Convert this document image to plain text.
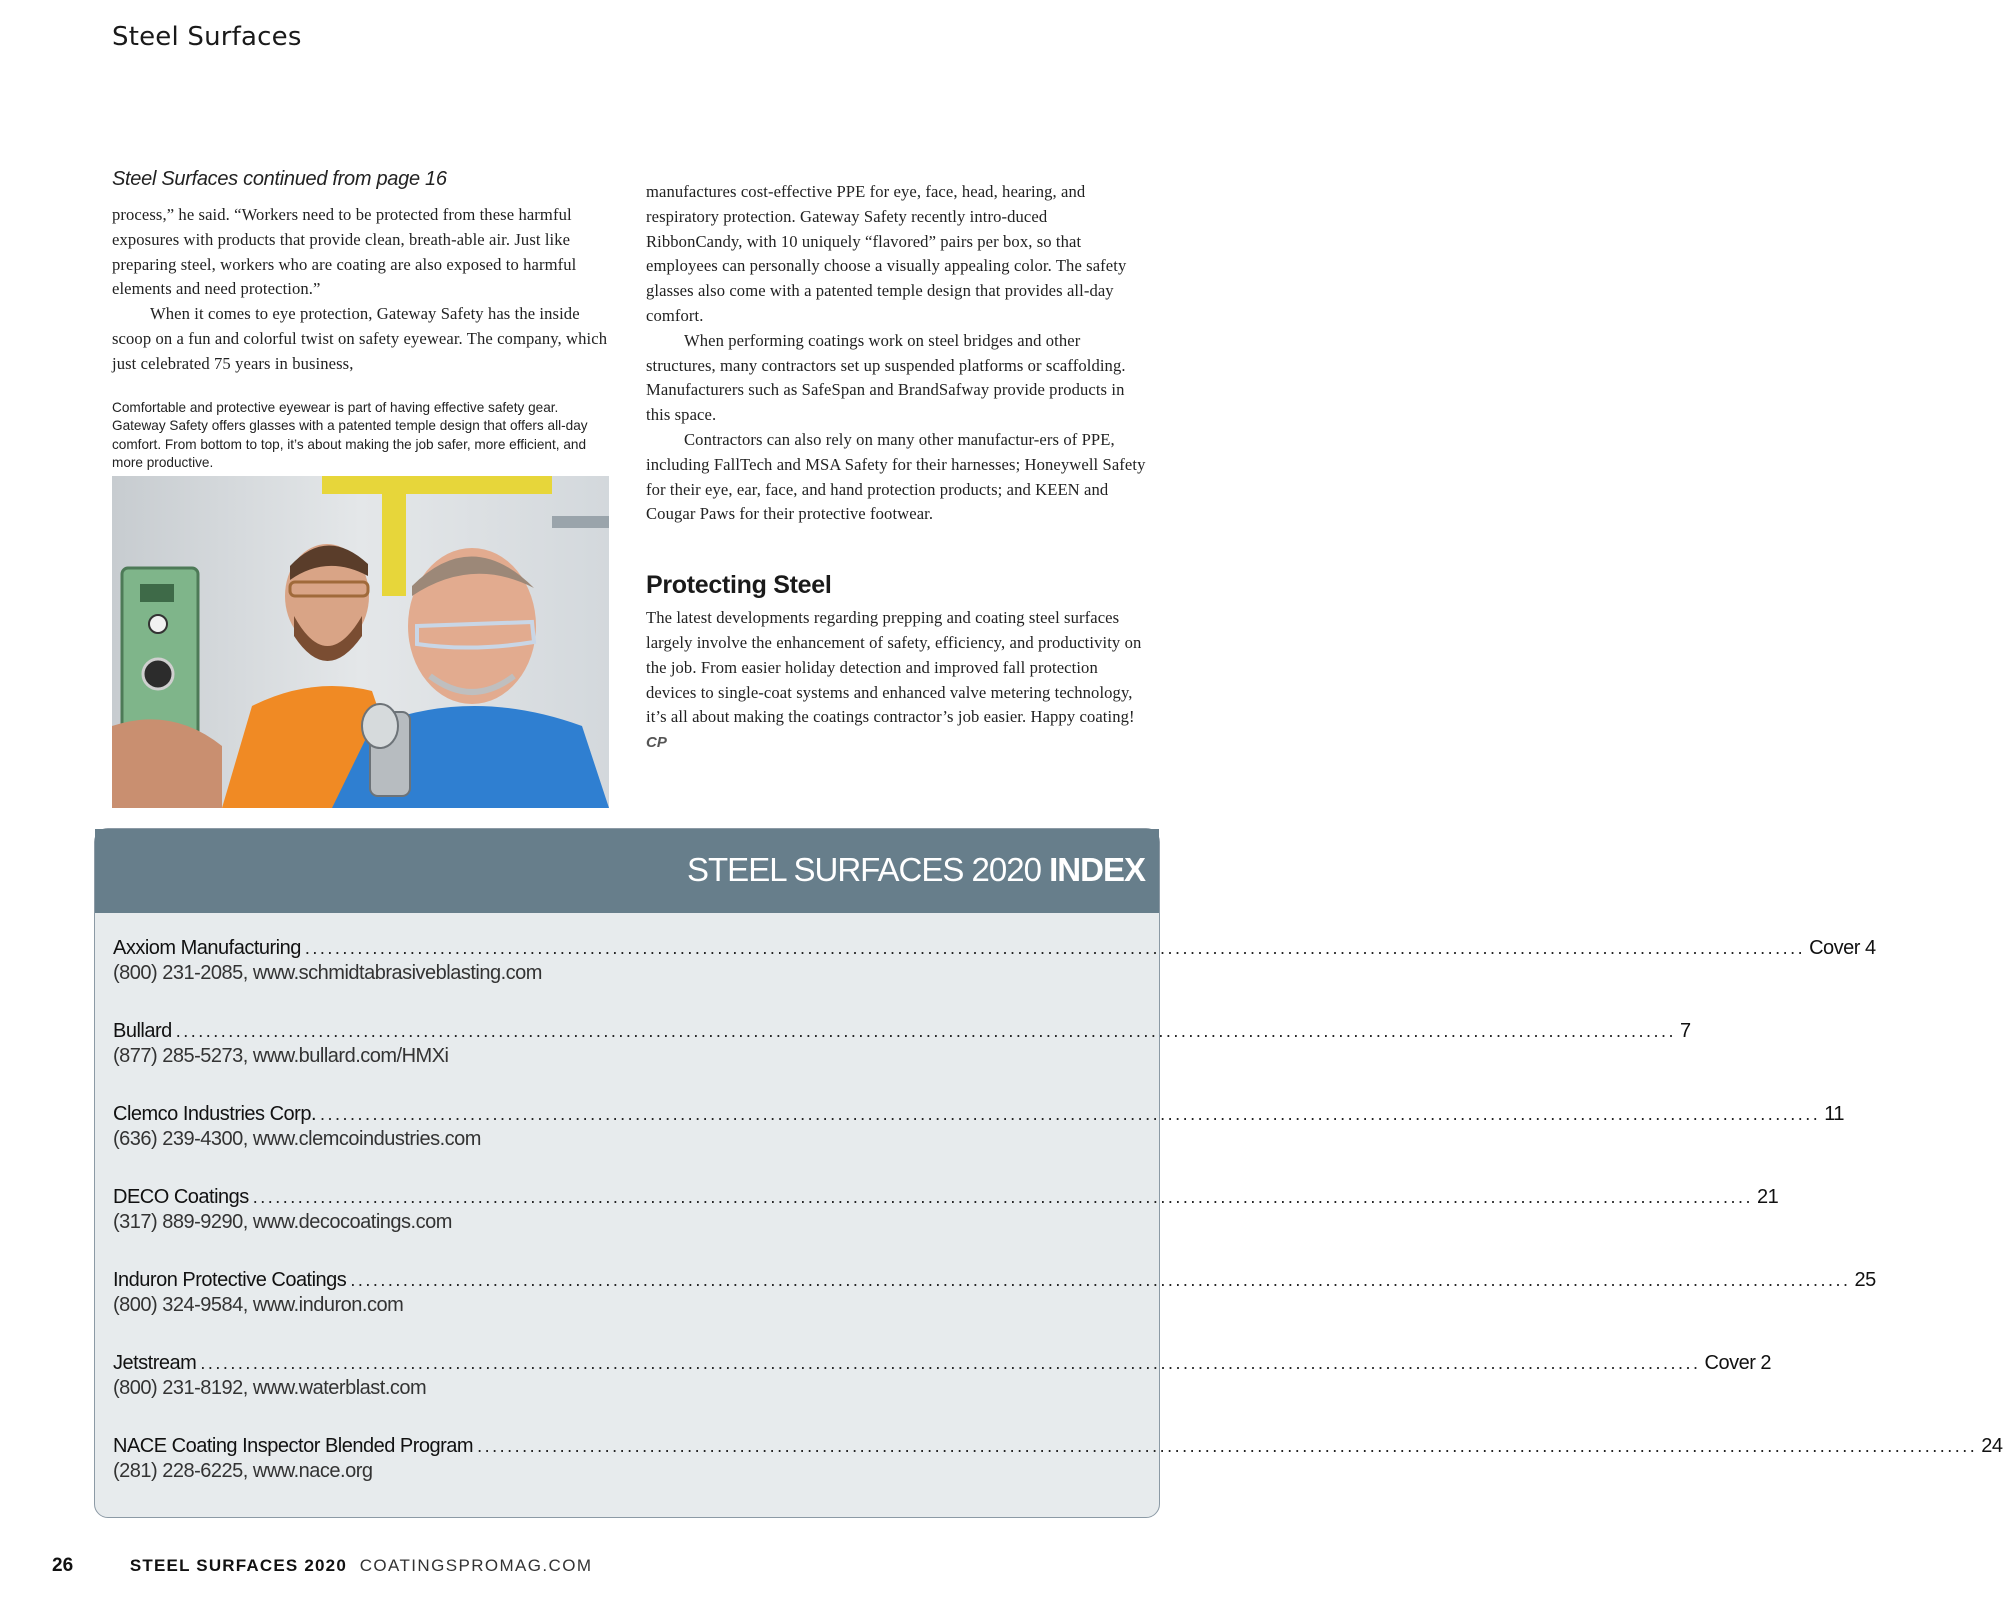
Steel Surfaces

Steel Surfaces continued from page 16

process,” he said. “Workers need to be protected from these harmful exposures with products that provide clean, breath-able air. Just like preparing steel, workers who are coating are also exposed to harmful elements and need protection.”

When it comes to eye protection, Gateway Safety has the inside scoop on a fun and colorful twist on safety eyewear. The company, which just celebrated 75 years in business,

Comfortable and protective eyewear is part of having effective safety gear. Gateway Safety offers glasses with a patented temple design that offers all-day comfort. From bottom to top, it’s about making the job safer, more efficient, and more productive.

manufactures cost-effective PPE for eye, face, head, hearing, and respiratory protection. Gateway Safety recently intro-duced RibbonCandy, with 10 uniquely “flavored” pairs per box, so that employees can personally choose a visually appealing color. The safety glasses also come with a patented temple design that provides all-day comfort.

When performing coatings work on steel bridges and other structures, many contractors set up suspended platforms or scaffolding. Manufacturers such as SafeSpan and BrandSafway provide products in this space.

Contractors can also rely on many other manufactur-ers of PPE, including FallTech and MSA Safety for their harnesses; Honeywell Safety for their eye, ear, face, and hand protection products; and KEEN and Cougar Paws for their protective footwear.

Protecting Steel

The latest developments regarding prepping and coating steel surfaces largely involve the enhancement of safety, efficiency, and productivity on the job. From easier holiday detection and improved fall protection devices to single-coat systems and enhanced valve metering technology, it’s all about making the coatings contractor’s job easier. Happy coating! CP

STEEL SURFACES 2020 INDEX
Axxiom Manufacturing ........................................................................................................................................................................................................ Cover 4
(800) 231-2085, www.schmidtabrasiveblasting.com
Bullard ........................................................................................................................................................................................................ 7
(877) 285-5273, www.bullard.com/HMXi
Clemco Industries Corp. ........................................................................................................................................................................................................ 11
(636) 239-4300, www.clemcoindustries.com
DECO Coatings ........................................................................................................................................................................................................ 21
(317) 889-9290, www.decocoatings.com
Induron Protective Coatings ........................................................................................................................................................................................................ 25
(800) 324-9584, www.induron.com
Jetstream ........................................................................................................................................................................................................ Cover 2
(800) 231-8192, www.waterblast.com
NACE Coating Inspector Blended Program ........................................................................................................................................................................................................ 24
(281) 228-6225, www.nace.org
26	STEEL SURFACES 2020 COATINGSPROMAG.COM
